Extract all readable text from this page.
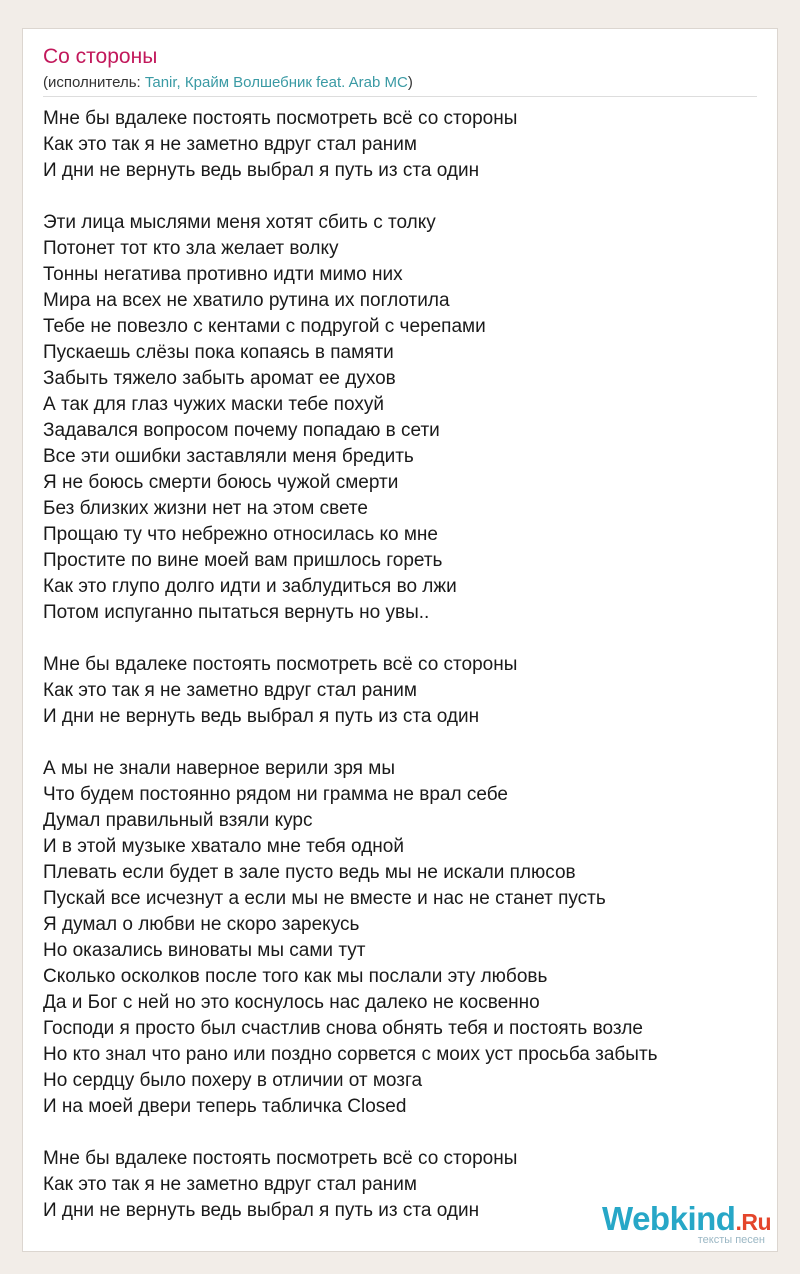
Со стороны
(исполнитель: Tanir, Крайм Волшебник feat. Arab MC)
Мне бы вдалеке постоять посмотреть всё со стороны
Как это так я не заметно вдруг стал раним
И дни не вернуть ведь выбрал я путь из ста один
Эти лица мыслями меня хотят сбить с толку
Потонет тот кто зла желает волку
Тонны негатива противно идти мимо них
Мира на всех не хватило рутина их поглотила
Тебе не повезло с кентами с подругой с черепами
Пускаешь слёзы пока копаясь в памяти
Забыть тяжело забыть аромат ее духов
А так для глаз чужих маски тебе похуй
Задавался вопросом почему попадаю в сети
Все эти ошибки заставляли меня бредить
Я не боюсь смерти боюсь чужой смерти
Без близких жизни нет на этом свете
Прощаю ту что небрежно относилась ко мне
Простите по вине моей вам пришлось гореть
Как это глупо долго идти и заблудиться во лжи
Потом испуганно пытаться вернуть но увы..
Мне бы вдалеке постоять посмотреть всё со стороны
Как это так я не заметно вдруг стал раним
И дни не вернуть ведь выбрал я путь из ста один
А мы не знали наверное верили зря мы
Что будем постоянно рядом ни грамма не врал себе
Думал правильный взяли курс
И в этой музыке хватало мне тебя одной
Плевать если будет в зале пусто ведь мы не искали плюсов
Пускай все исчезнут а если мы не вместе и нас не станет пусть
Я думал о любви не скоро зарекусь
Но оказались виноваты мы сами тут
Сколько осколков после того как мы послали эту любовь
Да и Бог с ней но это коснулось нас далеко не косвенно
Господи я просто был счастлив снова обнять тебя и постоять возле
Но кто знал что рано или поздно сорвется с моих уст просьба забыть
Но сердцу было похеру в отличии от мозга
И на моей двери теперь табличка Closed
Мне бы вдалеке постоять посмотреть всё со стороны
Как это так я не заметно вдруг стал раним
И дни не вернуть ведь выбрал я путь из ста один	Webkind.Ru
тексты песен
